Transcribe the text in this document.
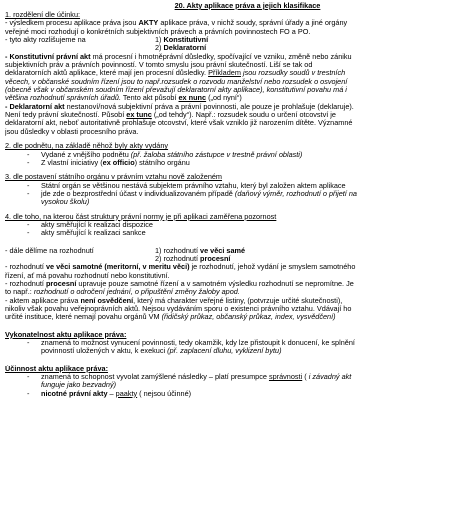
20. Akty aplikace práva a jejich klasifikace
1. rozdělení dle účinku:
- výsledkem procesu aplikace práva jsou AKTY aplikace práva, v nichž soudy, správní úřady a jiné orgány
veřejné moci rozhodují o konkrétních subjektivních právech a právních povinnostech FO a PO.
- tyto akty rozlišujeme na	1) Konstitutivní
2) Deklaratorní
- Konstitutivní právní akt má procesní i hmotněprávní důsledky, spočívající ve vzniku, změně nebo zániku
subjektivních práv a právních povinností. V tomto smyslu jsou právní skutečností. Liší se tak od
deklaratorních aktů aplikace, které mají jen procesní důsledky. Příkladem jsou rozsudky soudů v trestních
věcech, v občanské soudním řízení jsou to např.rozsudek o rozvodu manželství nebo rozsudek o osvojení
(obecně však v občanském soudním řízení převažují deklaratorní akty aplikace), konstitutivní povahu má i
většina rozhodnutí správních úřadů. Tento akt působí ex nunc („od nyní“)
- Deklaratorní akt nestanoví/nová subjektivní práva a právní povinnosti, ale pouze je prohlašuje (deklaruje).
Není tedy právní skutečností. Působí ex tunc („od tehdy“). Např.: rozsudek soudu o určení otcovství je
deklaratorní akt, neboť autoritativně prohlašuje otcovství, které však vzniklo již narozením dítěte. Významné
jsou důsledky v oblasti procesního práva.
2. dle podnětu, na základě něhož byly akty vydány
- Vydané z vnějšího podnětu (př. žaloba státního zástupce v trestně právní oblasti)
- Z vlastní iniciativy (ex officio) státního orgánu
3. dle postavení státního orgánu v právním vztahu nově založeném
- Státní orgán se většinou nestává subjektem právního vztahu, který byl založen aktem aplikace
- jde zde o bezprostřední účast v individualizovaném případě (daňový výměr, rozhodnutí o přijetí na
vysokou školu)
4. dle toho, na kterou část struktury právní normy je při aplikaci zaměřena pozornost
- akty směřující k realizaci dispozice
- akty směřující k realizaci sankce
- dále dělíme na rozhodnutí	1) rozhodnutí ve věci samé
2) rozhodnutí procesní
- rozhodnutí ve věci samotné (meritorní, v meritu věci) je rozhodnutí, jehož vydání je smyslem samotného
řízení, ať má povahu rozhodnutí nebo konstitutivní.
- rozhodnutí procesní upravuje pouze samotné řízení a v samotném výsledku rozhodnutí se nepromítne. Je
to např.: rozhodnutí o odročení jednání, o připuštění změny žaloby apod.
- aktem aplikace práva není osvědčení, který má charakter veřejné listiny, (potvrzuje určité skutečnosti),
nikoliv však povahu veřejnoprávních aktů. Nejsou vydáváním sporu o existenci právního vztahu. Vdávají ho
určité instituce, které nemají povahu orgánů VM (řidičský průkaz, občanský průkaz, index, vysvědčení)
Vykonatelnost aktu aplikace práva:
- znamená to možnost vynucení povinnosti, tedy okamžik, kdy lze přistoupit k donucení, ke splnění
povinností uložených v aktu, k exekuci (př. zaplacení dluhu, vyklizení bytu)
Účinnost aktu aplikace práva:
- znamená to schopnost vyvolat zamýšlené následky – platí presumpce správnosti ( i závadný akt
funguje jako bezvadný)
- nicotné právní akty – paakty ( nejsou účinné)
